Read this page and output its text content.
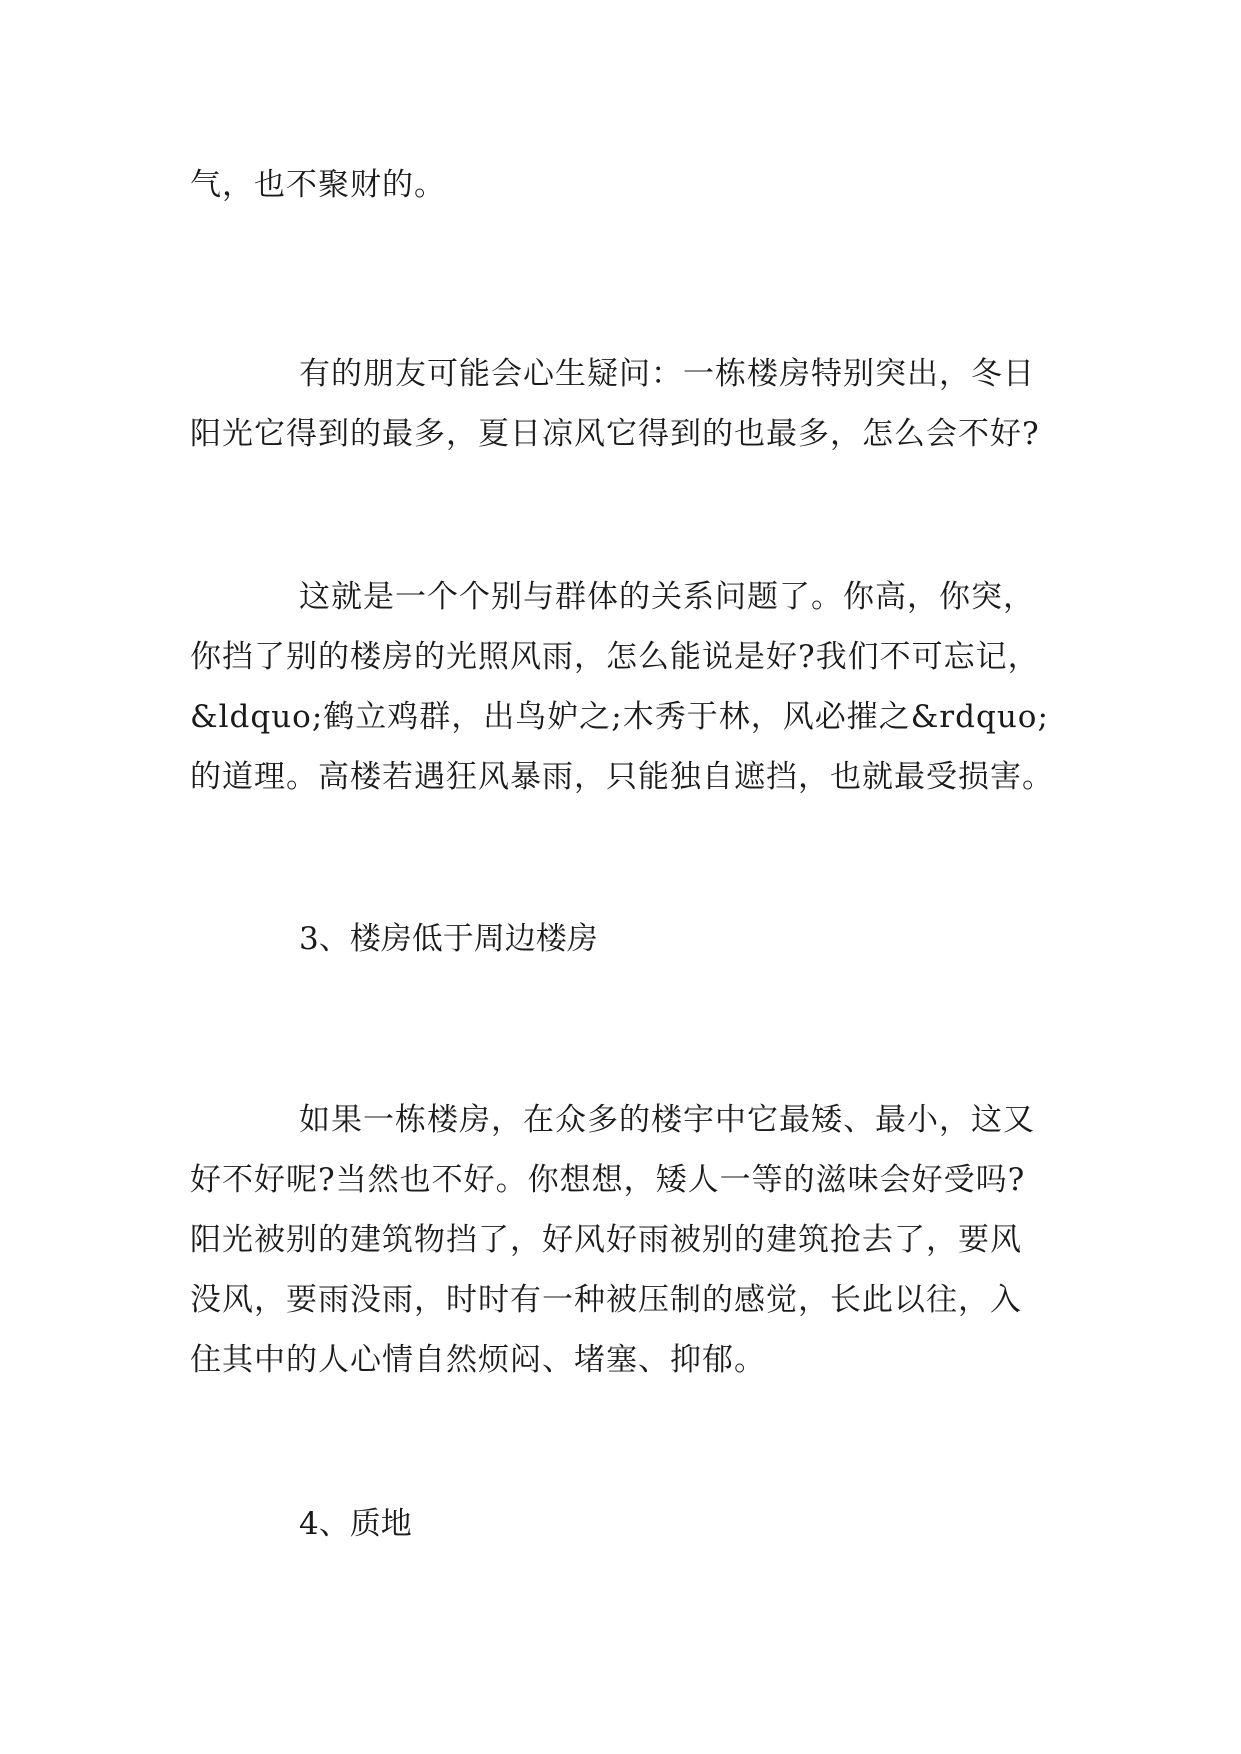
气，也不聚财的。
有的朋友可能会心生疑问：一栋楼房特别突出，冬日
阳光它得到的最多，夏日凉风它得到的也最多，怎么会不好?
这就是一个个别与群体的关系问题了。你高，你突，
你挡了别的楼房的光照风雨，怎么能说是好?我们不可忘记，
&ldquo;鹤立鸡群，出鸟妒之;木秀于林，风必摧之&rdquo;
的道理。高楼若遇狂风暴雨，只能独自遮挡，也就最受损害。
3、楼房低于周边楼房
如果一栋楼房，在众多的楼宇中它最矮、最小，这又
好不好呢?当然也不好。你想想，矮人一等的滋味会好受吗?
阳光被别的建筑物挡了，好风好雨被别的建筑抢去了，要风
没风，要雨没雨，时时有一种被压制的感觉，长此以往，入
住其中的人心情自然烦闷、堵塞、抑郁。
4、质地
